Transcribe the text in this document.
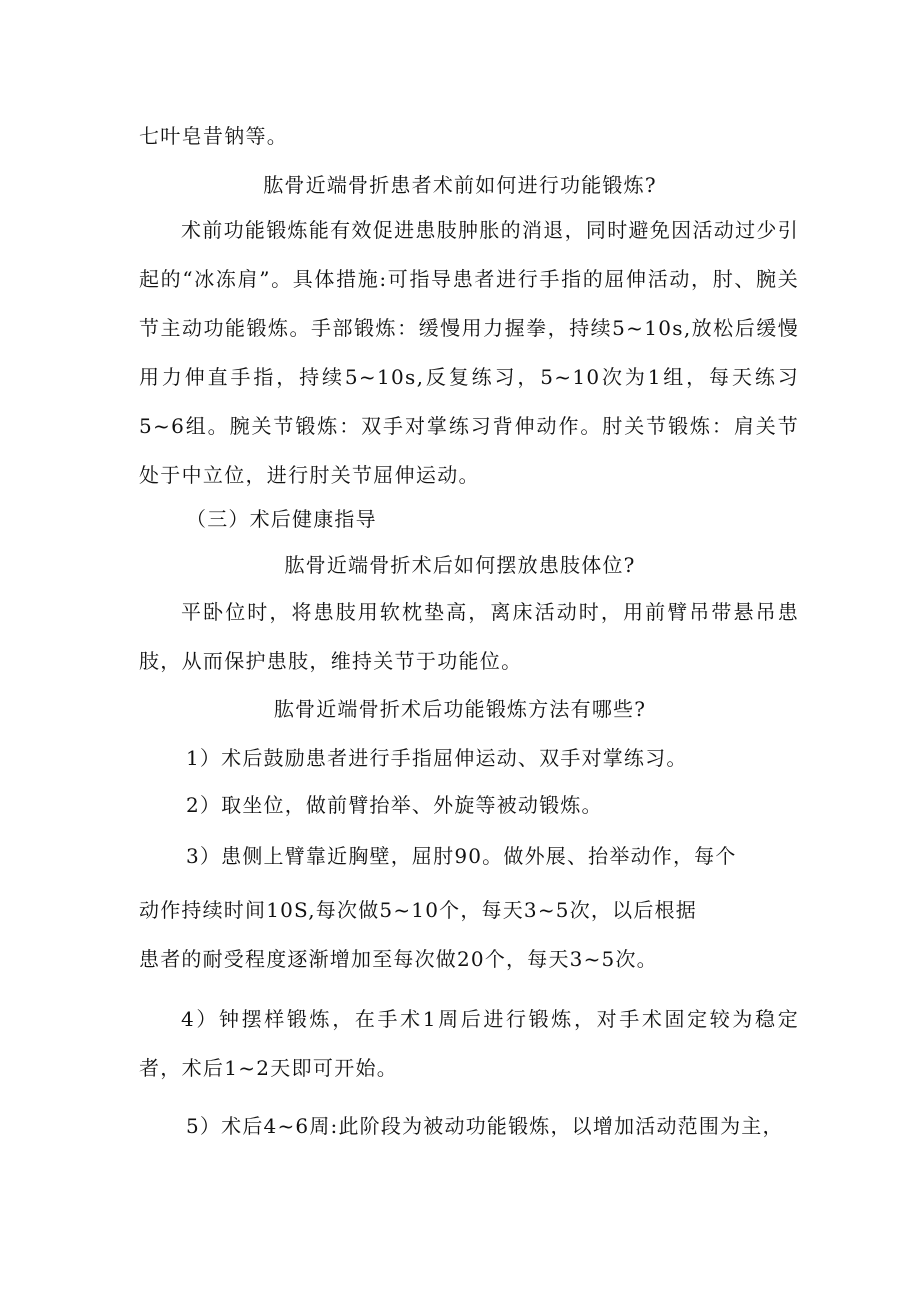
七叶皂昔钠等。
肱骨近端骨折患者术前如何进行功能锻炼?
术前功能锻炼能有效促进患肢肿胀的消退，同时避免因活动过少引起的“冰冻肩”。具体措施:可指导患者进行手指的屈伸活动，肘、腕关节主动功能锻炼。手部锻炼：缓慢用力握拳，持续5~10s,放松后缓慢用力伸直手指，持续5~10s,反复练习，5~10次为1组，每天练习5~6组。腕关节锻炼：双手对掌练习背伸动作。肘关节锻炼：肩关节处于中立位，进行肘关节屈伸运动。
（三）术后健康指导
肱骨近端骨折术后如何摆放患肢体位?
平卧位时，将患肢用软枕垫高，离床活动时，用前臂吊带悬吊患肢，从而保护患肢，维持关节于功能位。
肱骨近端骨折术后功能锻炼方法有哪些?
1）术后鼓励患者进行手指屈伸运动、双手对掌练习。
2）取坐位，做前臂抬举、外旋等被动锻炼。
3）患侧上臂靠近胸壁，屈肘90。做外展、抬举动作，每个
动作持续时间10S,每次做5~10个，每天3~5次，以后根据
患者的耐受程度逐渐增加至每次做20个，每天3~5次。
4）钟摆样锻炼，在手术1周后进行锻炼，对手术固定较为稳定者，术后1~2天即可开始。
5）术后4~6周:此阶段为被动功能锻炼，以增加活动范围为主，
